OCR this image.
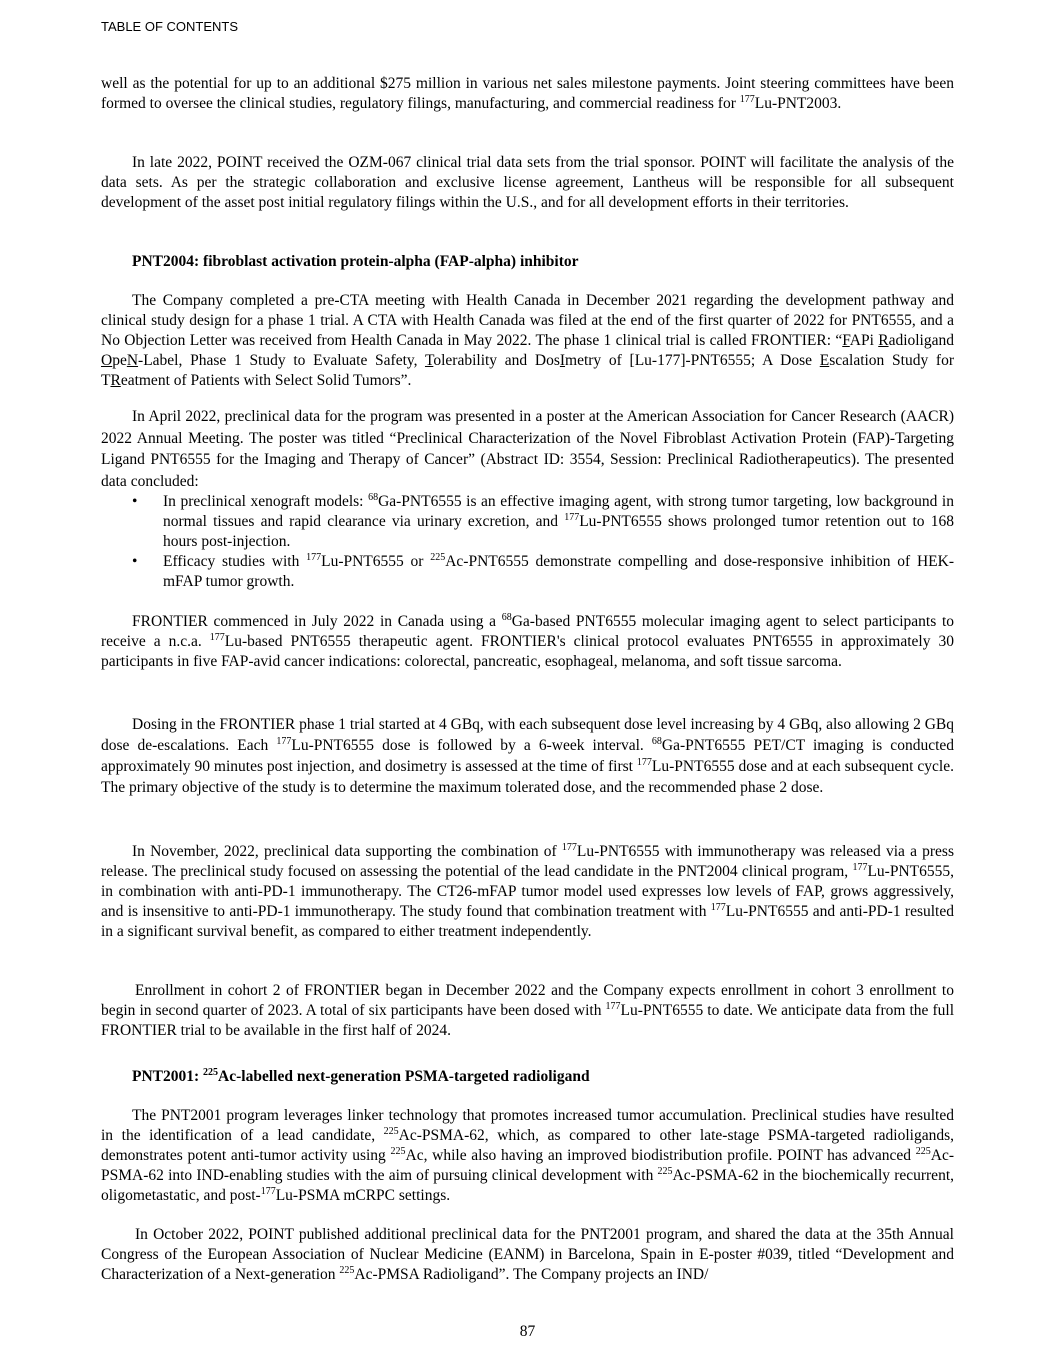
TABLE OF CONTENTS

well as the potential for up to an additional $275 million in various net sales milestone payments. Joint steering committees have been formed to oversee the clinical studies, regulatory filings, manufacturing, and commercial readiness for $^{177}$Lu-PNT2003.

In late 2022, POINT received the OZM-067 clinical trial data sets from the trial sponsor. POINT will facilitate the analysis of the data sets. As per the strategic collaboration and exclusive license agreement, Lantheus will be responsible for all subsequent development of the asset post initial regulatory filings within the U.S., and for all development efforts in their territories.

PNT2004: fibroblast activation protein-alpha (FAP-alpha) inhibitor

The Company completed a pre-CTA meeting with Health Canada in December 2021 regarding the development pathway and clinical study design for a phase 1 trial. A CTA with Health Canada was filed at the end of the first quarter of 2022 for PNT6555, and a No Objection Letter was received from Health Canada in May 2022. The phase 1 clinical trial is called FRONTIER: “FAPi Radioligand OpeN-Label, Phase 1 Study to Evaluate Safety, Tolerability and DosImetry of [Lu-177]-PNT6555; A Dose Escalation Study for TReatment of Patients with Select Solid Tumors”.

In April 2022, preclinical data for the program was presented in a poster at the American Association for Cancer Research (AACR) 2022 Annual Meeting. The poster was titled “Preclinical Characterization of the Novel Fibroblast Activation Protein (FAP)-Targeting Ligand PNT6555 for the Imaging and Therapy of Cancer” (Abstract ID: 3554, Session: Preclinical Radiotherapeutics). The presented data concluded:

• In preclinical xenograft models: $^{68}$Ga-PNT6555 is an effective imaging agent, with strong tumor targeting, low background in normal tissues and rapid clearance via urinary excretion, and $^{177}$Lu-PNT6555 shows prolonged tumor retention out to 168 hours post-injection.
• Efficacy studies with $^{177}$Lu-PNT6555 or $^{225}$Ac-PNT6555 demonstrate compelling and dose-responsive inhibition of HEK-mFAP tumor growth.

FRONTIER commenced in July 2022 in Canada using a $^{68}$Ga-based PNT6555 molecular imaging agent to select participants to receive a n.c.a. $^{177}$Lu-based PNT6555 therapeutic agent. FRONTIER's clinical protocol evaluates PNT6555 in approximately 30 participants in five FAP-avid cancer indications: colorectal, pancreatic, esophageal, melanoma, and soft tissue sarcoma.

Dosing in the FRONTIER phase 1 trial started at 4 GBq, with each subsequent dose level increasing by 4 GBq, also allowing 2 GBq dose de-escalations. Each $^{177}$Lu-PNT6555 dose is followed by a 6-week interval. $^{68}$Ga-PNT6555 PET/CT imaging is conducted approximately 90 minutes post injection, and dosimetry is assessed at the time of first $^{177}$Lu-PNT6555 dose and at each subsequent cycle. The primary objective of the study is to determine the maximum tolerated dose, and the recommended phase 2 dose.

In November, 2022, preclinical data supporting the combination of $^{177}$Lu-PNT6555 with immunotherapy was released via a press release. The preclinical study focused on assessing the potential of the lead candidate in the PNT2004 clinical program, $^{177}$Lu-PNT6555, in combination with anti-PD-1 immunotherapy. The CT26-mFAP tumor model used expresses low levels of FAP, grows aggressively, and is insensitive to anti-PD-1 immunotherapy. The study found that combination treatment with $^{177}$Lu-PNT6555 and anti-PD-1 resulted in a significant survival benefit, as compared to either treatment independently.

Enrollment in cohort 2 of FRONTIER began in December 2022 and the Company expects enrollment in cohort 3 enrollment to begin in second quarter of 2023. A total of six participants have been dosed with $^{177}$Lu-PNT6555 to date. We anticipate data from the full FRONTIER trial to be available in the first half of 2024.

PNT2001: $^{225}$Ac-labelled next-generation PSMA-targeted radioligand

The PNT2001 program leverages linker technology that promotes increased tumor accumulation. Preclinical studies have resulted in the identification of a lead candidate, $^{225}$Ac-PSMA-62, which, as compared to other late-stage PSMA-targeted radioligands, demonstrates potent anti-tumor activity using $^{225}$Ac, while also having an improved biodistribution profile. POINT has advanced $^{225}$Ac-PSMA-62 into IND-enabling studies with the aim of pursuing clinical development with $^{225}$Ac-PSMA-62 in the biochemically recurrent, oligometastatic, and post-$^{177}$Lu-PSMA mCRPC settings.

In October 2022, POINT published additional preclinical data for the PNT2001 program, and shared the data at the 35th Annual Congress of the European Association of Nuclear Medicine (EANM) in Barcelona, Spain in E-poster #039, titled “Development and Characterization of a Next-generation $^{225}$Ac-PMSA Radioligand”. The Company projects an IND/

87
